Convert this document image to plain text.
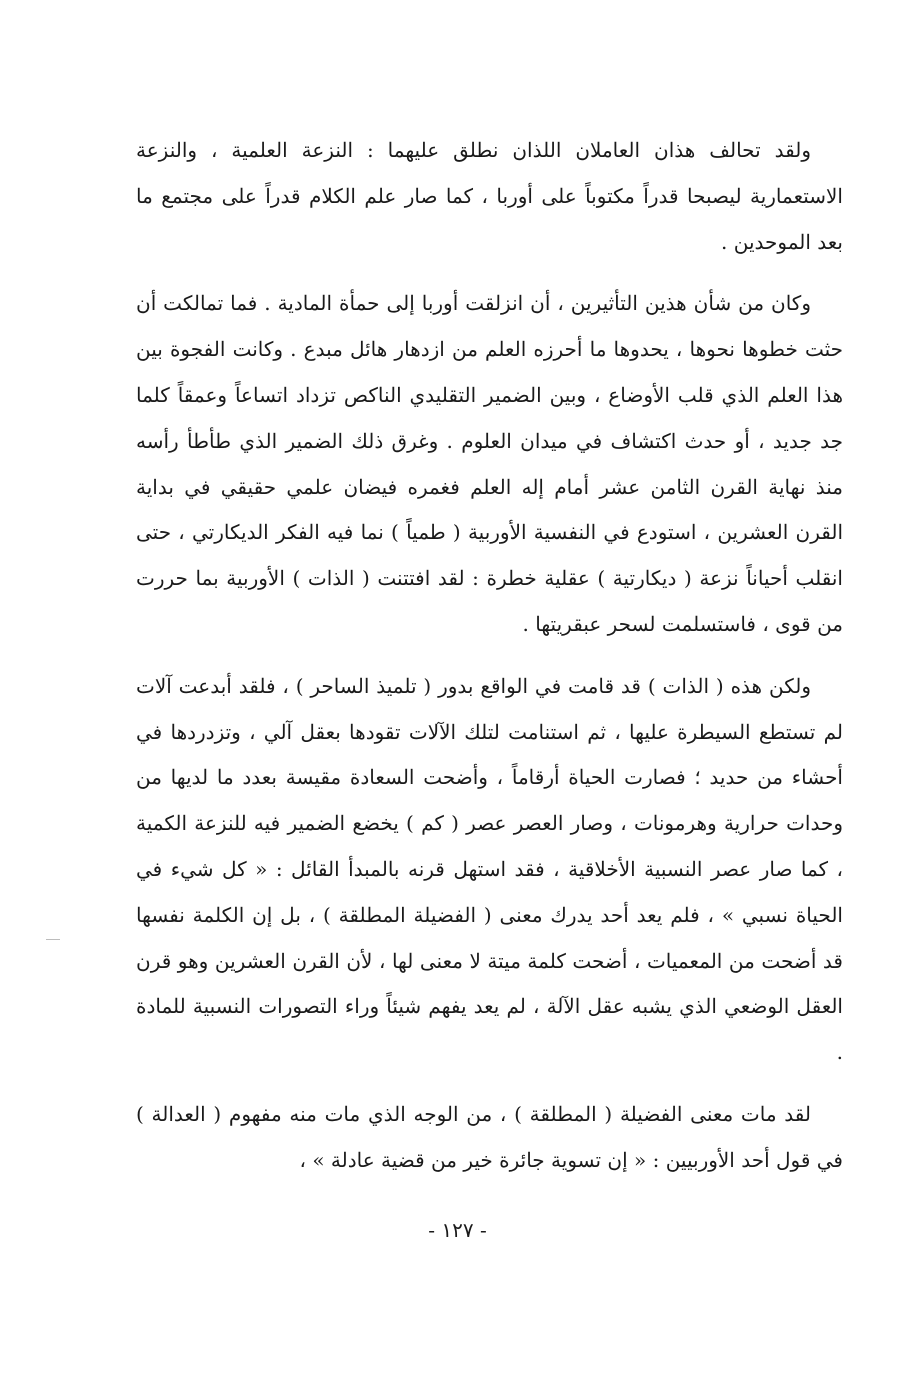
ولقد تحالف هذان العاملان اللذان نطلق عليهما : النزعة العلمية ، والنزعة الاستعمارية ليصبحا قدراً مكتوباً على أوربا ، كما صار علم الكلام قدراً على مجتمع ما بعد الموحدين .

وكان من شأن هذين التأثيرين ، أن انزلقت أوربا إلى حمأة المادية . فما تمالكت أن حثت خطوها نحوها ، يحدوها ما أحرزه العلم من ازدهار هائل مبدع . وكانت الفجوة بين هذا العلم الذي قلب الأوضاع ، وبين الضمير التقليدي الناكص تزداد اتساعاً وعمقاً كلما جد جديد ، أو حدث اكتشاف في ميدان العلوم . وغرق ذلك الضمير الذي طأطأ رأسه منذ نهاية القرن الثامن عشر أمام إله العلم فغمره فيضان علمي حقيقي في بداية القرن العشرين ، استودع في النفسية الأوربية ( طمياً ) نما فيه الفكر الديكارتي ، حتى انقلب أحياناً نزعة ( ديكارتية ) عقلية خطرة : لقد افتتنت ( الذات ) الأوربية بما حررت من قوى ، فاستسلمت لسحر عبقريتها .

ولكن هذه ( الذات ) قد قامت في الواقع بدور ( تلميذ الساحر ) ، فلقد أبدعت آلات لم تستطع السيطرة عليها ، ثم استنامت لتلك الآلات تقودها بعقل آلي ، وتزدردها في أحشاء من حديد ؛ فصارت الحياة أرقاماً ، وأضحت السعادة مقيسة بعدد ما لديها من وحدات حرارية وهرمونات ، وصار العصر عصر ( كم ) يخضع الضمير فيه للنزعة الكمية ، كما صار عصر النسبية الأخلاقية ، فقد استهل قرنه بالمبدأ القائل : « كل شيء في الحياة نسبي » ، فلم يعد أحد يدرك معنى ( الفضيلة المطلقة ) ، بل إن الكلمة نفسها قد أضحت من المعميات ، أضحت كلمة ميتة لا معنى لها ، لأن القرن العشرين وهو قرن العقل الوضعي الذي يشبه عقل الآلة ، لم يعد يفهم شيئاً وراء التصورات النسبية للمادة .

لقد مات معنى الفضيلة ( المطلقة ) ، من الوجه الذي مات منه مفهوم ( العدالة ) في قول أحد الأوربيين : « إن تسوية جائرة خير من قضية عادلة » ،

- ١٢٧ -
